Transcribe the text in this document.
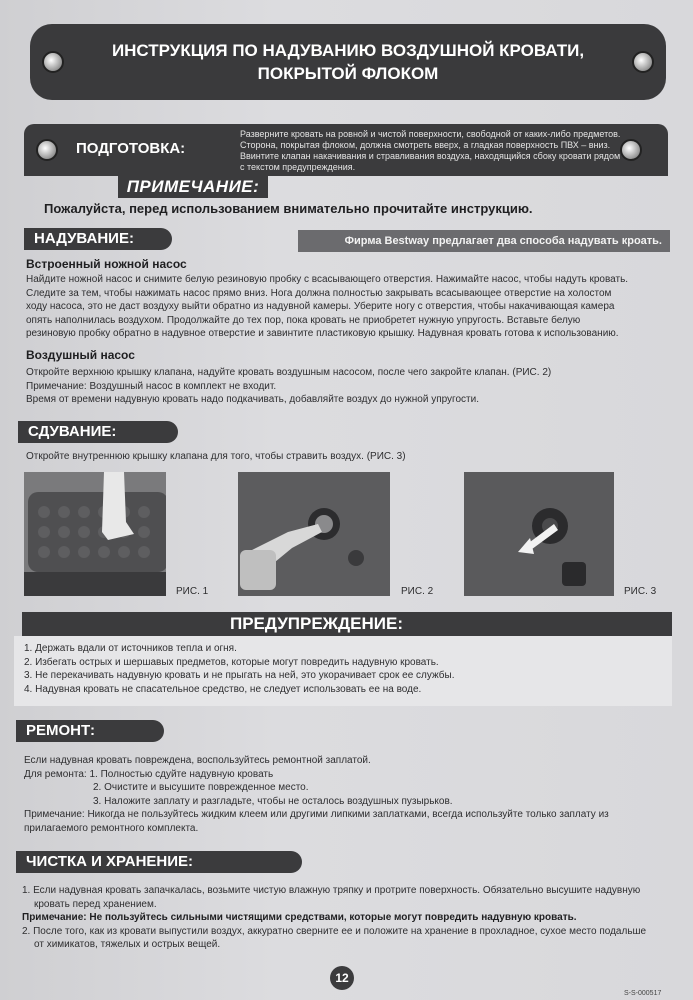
ИНСТРУКЦИЯ ПО НАДУВАНИЮ ВОЗДУШНОЙ КРОВАТИ,
ПОКРЫТОЙ ФЛОКОМ
ПОДГОТОВКА:
Разверните кровать на ровной и чистой поверхности, свободной от каких-либо предметов.
Сторона, покрытая флоком, должна смотреть вверх, а гладкая поверхность ПВХ – вниз.
Ввинтите клапан накачивания и стравливания воздуха, находящийся сбоку кровати рядом
с текстом предупреждения.
ПРИМЕЧАНИЕ:
Пожалуйста, перед использованием внимательно прочитайте инструкцию.
НАДУВАНИЕ:	Фирма Bestway предлагает два способа надувать кроать.
Встроенный ножной насос
Найдите ножной насос и снимите белую резиновую пробку с всасывающего отверстия. Нажимайте насос, чтобы надуть кровать.
Следите за тем, чтобы нажимать насос прямо вниз. Нога должна полностью закрывать всасывающее отверстие на холостом
ходу насоса, это не даст воздуху выйти обратно из надувной камеры. Уберите ногу с отверстия, чтобы накачивающая камера
опять наполнилась воздухом. Продолжайте до тех пор, пока кровать не приобретет нужную упругость. Вставьте белую
резиновую пробку обратно в надувное отверстие и завинтите пластиковую крышку. Надувная кровать готова к использованию.
Воздушный насос
Откройте верхнюю крышку клапана, надуйте кровать воздушным насосом, после чего закройте клапан. (РИС. 2)
Примечание: Воздушный насос в комплект не входит.
Время от времени надувную кровать надо подкачивать, добавляйте воздух до нужной упругости.
СДУВАНИЕ:
Откройте внутреннюю крышку клапана для того, чтобы стравить воздух. (РИС. 3)
РИС. 1	РИС. 2	РИС. 3
ПРЕДУПРЕЖДЕНИЕ:
1. Держать вдали от источников тепла и огня.
2. Избегать острых и шершавых предметов, которые могут повредить надувную кровать.
3. Не перекачивать надувную кровать и не прыгать на ней, это укорачивает срок ее службы.
4. Надувная кровать не спасательное средство, не следует использовать ее на воде.
РЕМОНТ:
Если надувная кровать повреждена, воспользуйтесь ремонтной заплатой.
Для ремонта: 1. Полностью сдуйте надувную кровать
2. Очистите и высушите поврежденное место.
3. Наложите заплату и разгладьте, чтобы не осталось воздушных пузырьков.
Примечание: Никогда не пользуйтесь жидким клеем или другими липкими заплатками, всегда используйте только заплату из
прилагаемого ремонтного комплекта.
ЧИСТКА И ХРАНЕНИЕ:
1. Если надувная кровать запачкалась, возьмите чистую влажную тряпку и протрите поверхность. Обязательно высушите надувную
кровать перед хранением.
Примечание: Не пользуйтесь сильными чистящими средствами, которые могут повредить надувную кровать.
2. После того, как из кровати выпустили воздух, аккуратно сверните ее и положите на хранение в прохладное, сухое место подальше
от химикатов, тяжелых и острых вещей.
12
S-S-000517
